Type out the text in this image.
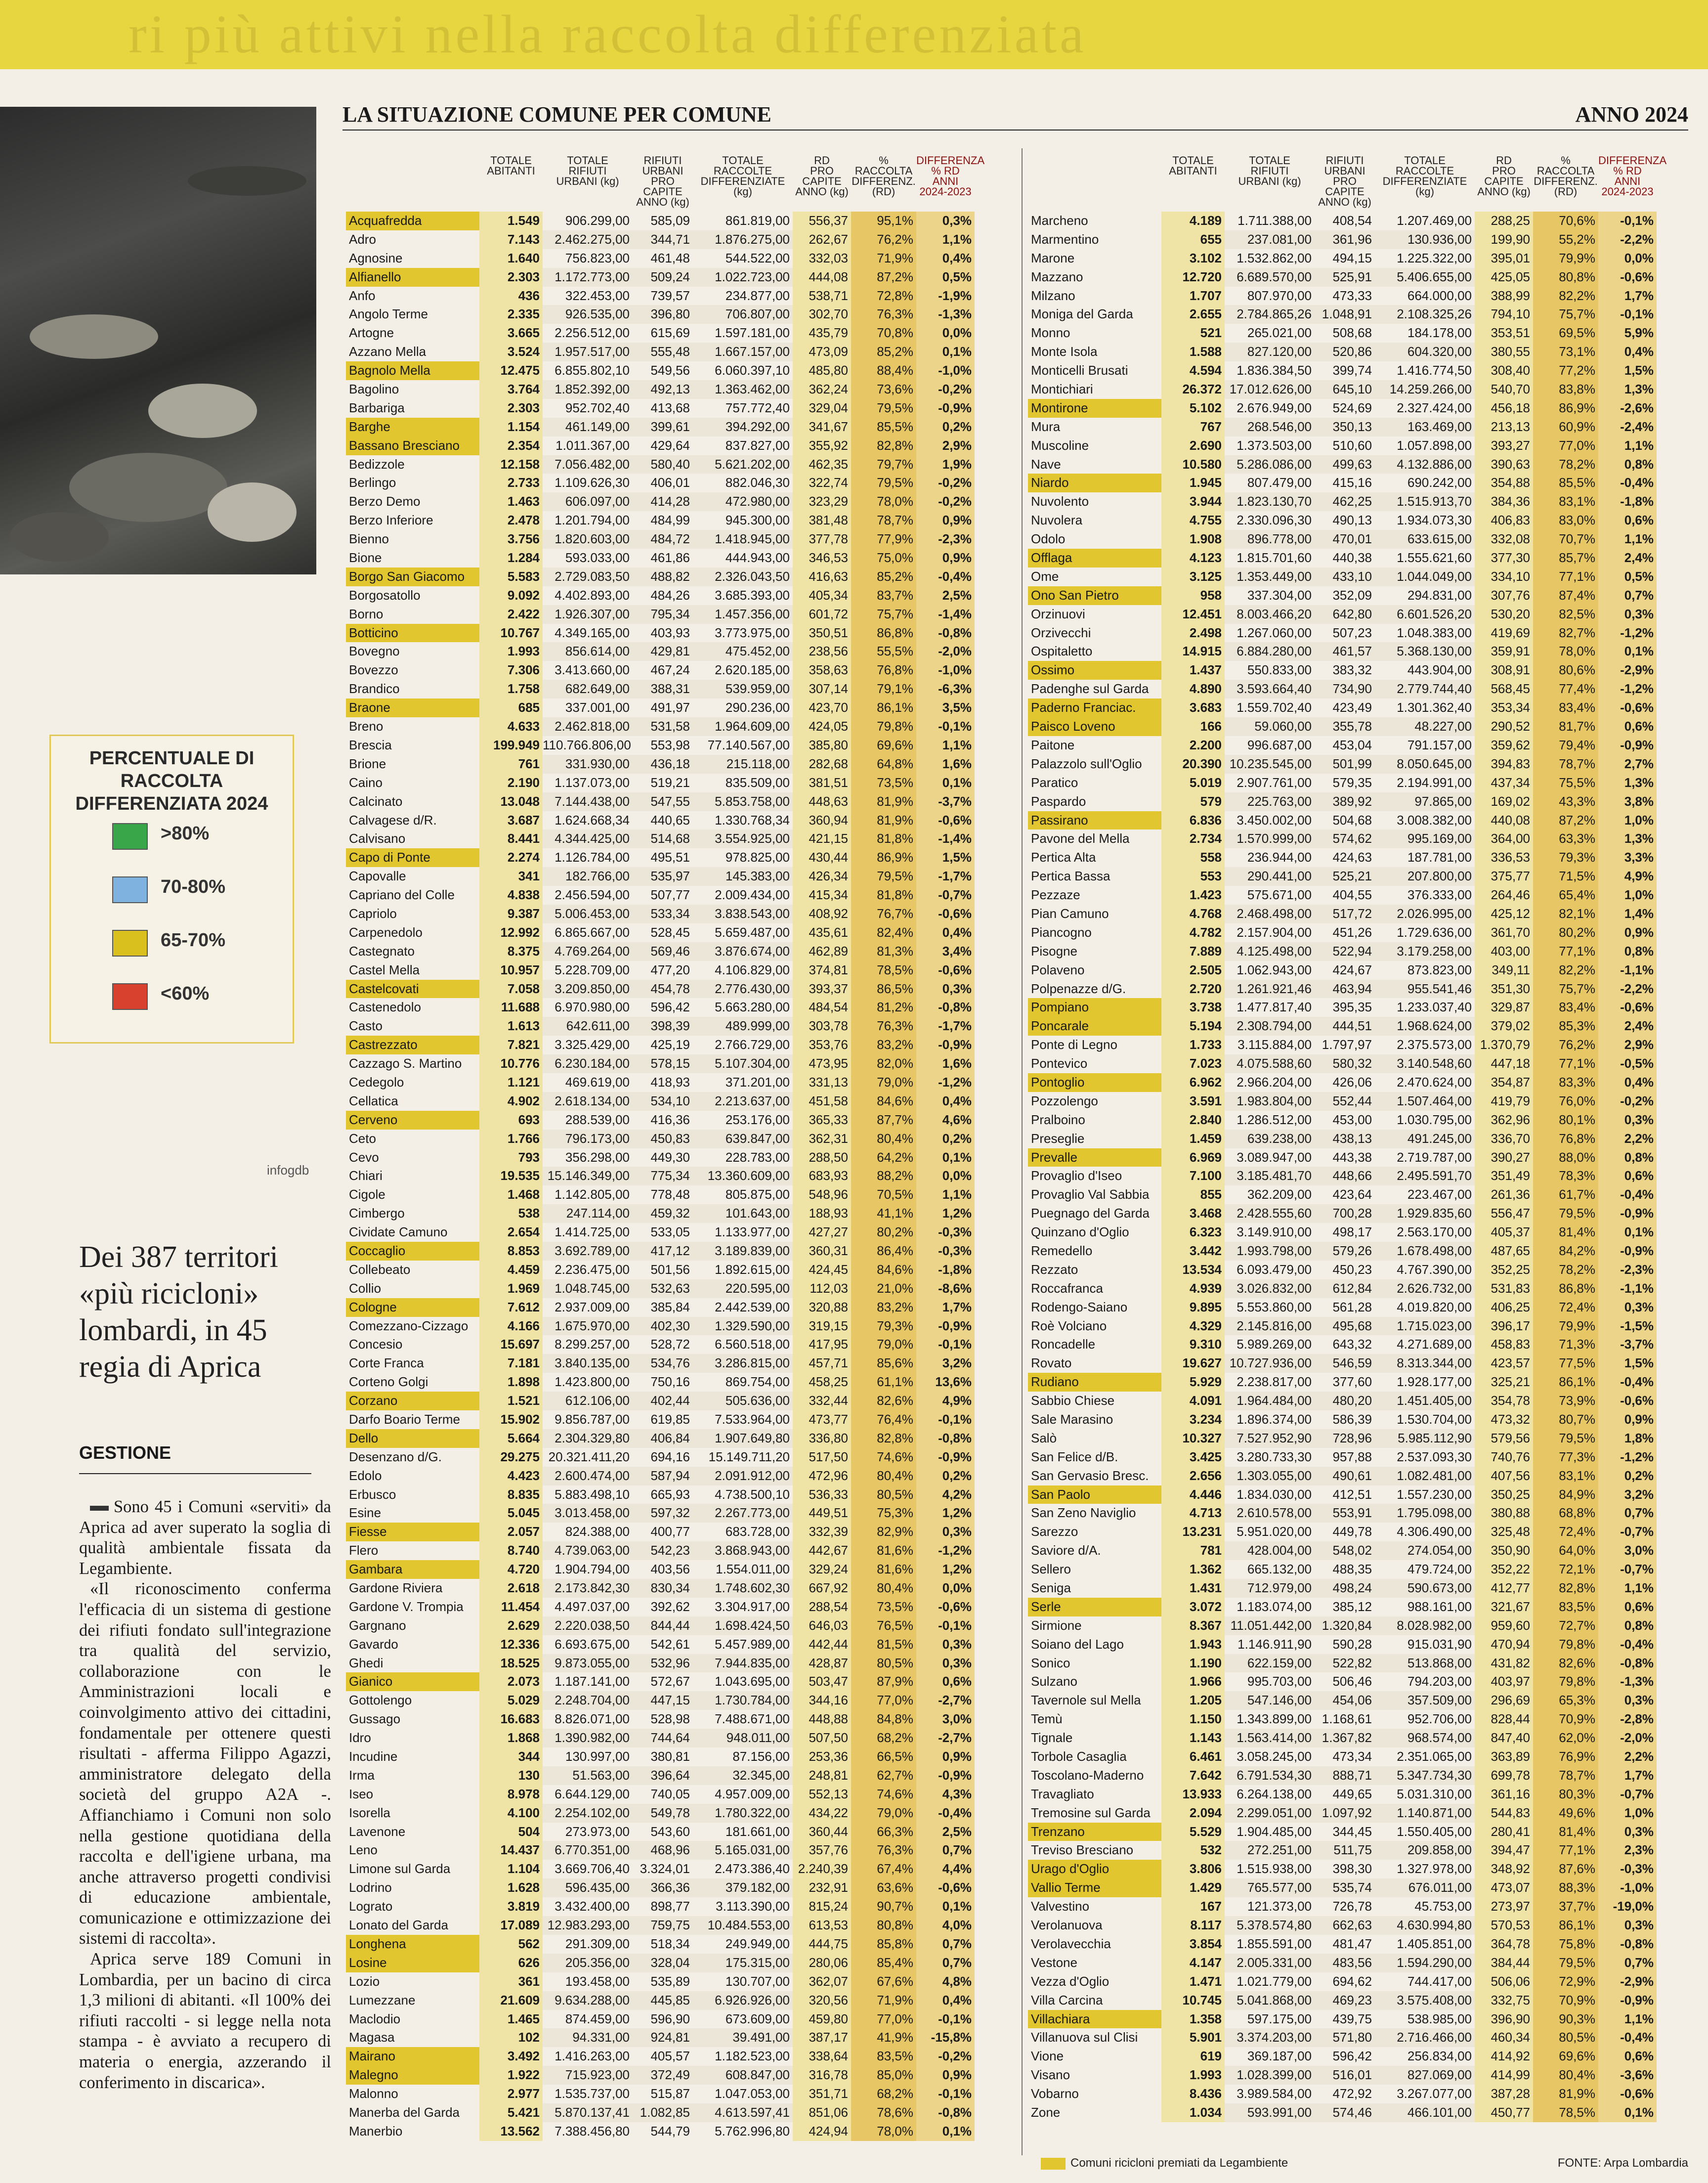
ri più attivi nella raccolta differenziata
PERCENTUALE DI RACCOLTA DIFFERENZIATA 2024
>80%
70-80%
65-70%
<60%
infogdb
Dei 387 territori «più ricicloni» lombardi, in 45 regia di Aprica
GESTIONE

Sono 45 i Comuni «serviti» da Aprica ad aver superato la soglia di qualità ambientale fissata da Legambiente.

«Il riconoscimento conferma l'efficacia di un sistema di gestione dei rifiuti fondato sull'integrazione tra qualità del servizio, collaborazione con le Amministrazioni locali e coinvolgimento attivo dei cittadini, fondamentale per ottenere questi risultati - afferma Filippo Agazzi, amministratore delegato della società del gruppo A2A -. Affianchiamo i Comuni non solo nella gestione quotidiana della raccolta e dell'igiene urbana, ma anche attraverso progetti condivisi di educazione ambientale, comunicazione e ottimizzazione dei sistemi di raccolta».

Aprica serve 189 Comuni in Lombardia, per un bacino di circa 1,3 milioni di abitanti. «Il 100% dei rifiuti raccolti - si legge nella nota stampa - è avviato a recupero di materia o energia, azzerando il conferimento in discarica».

LA SITUAZIONE COMUNE PER COMUNE	ANNO 2024
TOTALE
ABITANTI
TOTALE
RIFIUTI
URBANI (kg)
RIFIUTI
URBANI
PRO CAPITE
ANNO (kg)
TOTALE
RACCOLTE
DIFFERENZIATE (kg)
RD
PRO CAPITE
ANNO (kg)
%
RACCOLTA
DIFFERENZ.
(RD)
DIFFERENZA
% RD
ANNI
2024-2023
Acquafredda	1.549	906.299,00	585,09	861.819,00	556,37	95,1%	0,3%
Adro	7.143	2.462.275,00	344,71	1.876.275,00	262,67	76,2%	1,1%
Agnosine	1.640	756.823,00	461,48	544.522,00	332,03	71,9%	0,4%
Alfianello	2.303	1.172.773,00	509,24	1.022.723,00	444,08	87,2%	0,5%
Anfo	436	322.453,00	739,57	234.877,00	538,71	72,8%	-1,9%
Angolo Terme	2.335	926.535,00	396,80	706.807,00	302,70	76,3%	-1,3%
Artogne	3.665	2.256.512,00	615,69	1.597.181,00	435,79	70,8%	0,0%
Azzano Mella	3.524	1.957.517,00	555,48	1.667.157,00	473,09	85,2%	0,1%
Bagnolo Mella	12.475	6.855.802,10	549,56	6.060.397,10	485,80	88,4%	-1,0%
Bagolino	3.764	1.852.392,00	492,13	1.363.462,00	362,24	73,6%	-0,2%
Barbariga	2.303	952.702,40	413,68	757.772,40	329,04	79,5%	-0,9%
Barghe	1.154	461.149,00	399,61	394.292,00	341,67	85,5%	0,2%
Bassano Bresciano	2.354	1.011.367,00	429,64	837.827,00	355,92	82,8%	2,9%
Bedizzole	12.158	7.056.482,00	580,40	5.621.202,00	462,35	79,7%	1,9%
Berlingo	2.733	1.109.626,30	406,01	882.046,30	322,74	79,5%	-0,2%
Berzo Demo	1.463	606.097,00	414,28	472.980,00	323,29	78,0%	-0,2%
Berzo Inferiore	2.478	1.201.794,00	484,99	945.300,00	381,48	78,7%	0,9%
Bienno	3.756	1.820.603,00	484,72	1.418.945,00	377,78	77,9%	-2,3%
Bione	1.284	593.033,00	461,86	444.943,00	346,53	75,0%	0,9%
Borgo San Giacomo	5.583	2.729.083,50	488,82	2.326.043,50	416,63	85,2%	-0,4%
Borgosatollo	9.092	4.402.893,00	484,26	3.685.393,00	405,34	83,7%	2,5%
Borno	2.422	1.926.307,00	795,34	1.457.356,00	601,72	75,7%	-1,4%
Botticino	10.767	4.349.165,00	403,93	3.773.975,00	350,51	86,8%	-0,8%
Bovegno	1.993	856.614,00	429,81	475.452,00	238,56	55,5%	-2,0%
Bovezzo	7.306	3.413.660,00	467,24	2.620.185,00	358,63	76,8%	-1,0%
Brandico	1.758	682.649,00	388,31	539.959,00	307,14	79,1%	-6,3%
Braone	685	337.001,00	491,97	290.236,00	423,70	86,1%	3,5%
Breno	4.633	2.462.818,00	531,58	1.964.609,00	424,05	79,8%	-0,1%
Brescia	199.949 110.766.806,00	553,98	77.140.567,00	385,80	69,6%	1,1%
Brione	761	331.930,00	436,18	215.118,00	282,68	64,8%	1,6%
Caino	2.190	1.137.073,00	519,21	835.509,00	381,51	73,5%	0,1%
Calcinato	13.048	7.144.438,00	547,55	5.853.758,00	448,63	81,9%	-3,7%
Calvagese d/R.	3.687	1.624.668,34	440,65	1.330.768,34	360,94	81,9%	-0,6%
Calvisano	8.441	4.344.425,00	514,68	3.554.925,00	421,15	81,8%	-1,4%
Capo di Ponte	2.274	1.126.784,00	495,51	978.825,00	430,44	86,9%	1,5%
Capovalle	341	182.766,00	535,97	145.383,00	426,34	79,5%	-1,7%
Capriano del Colle	4.838	2.456.594,00	507,77	2.009.434,00	415,34	81,8%	-0,7%
Capriolo	9.387	5.006.453,00	533,34	3.838.543,00	408,92	76,7%	-0,6%
Carpenedolo	12.992	6.865.667,00	528,45	5.659.487,00	435,61	82,4%	0,4%
Castegnato	8.375	4.769.264,00	569,46	3.876.674,00	462,89	81,3%	3,4%
Castel Mella	10.957	5.228.709,00	477,20	4.106.829,00	374,81	78,5%	-0,6%
Castelcovati	7.058	3.209.850,00	454,78	2.776.430,00	393,37	86,5%	0,3%
Castenedolo	11.688	6.970.980,00	596,42	5.663.280,00	484,54	81,2%	-0,8%
Casto	1.613	642.611,00	398,39	489.999,00	303,78	76,3%	-1,7%
Castrezzato	7.821	3.325.429,00	425,19	2.766.729,00	353,76	83,2%	-0,9%
Cazzago S. Martino	10.776	6.230.184,00	578,15	5.107.304,00	473,95	82,0%	1,6%
Cedegolo	1.121	469.619,00	418,93	371.201,00	331,13	79,0%	-1,2%
Cellatica	4.902	2.618.134,00	534,10	2.213.637,00	451,58	84,6%	0,4%
Cerveno	693	288.539,00	416,36	253.176,00	365,33	87,7%	4,6%
Ceto	1.766	796.173,00	450,83	639.847,00	362,31	80,4%	0,2%
Cevo	793	356.298,00	449,30	228.783,00	288,50	64,2%	0,1%
Chiari	19.535 15.146.349,00	775,34	13.360.609,00	683,93	88,2%	0,0%
Cigole	1.468	1.142.805,00	778,48	805.875,00	548,96	70,5%	1,1%
Cimbergo	538	247.114,00	459,32	101.643,00	188,93	41,1%	1,2%
Cividate Camuno	2.654	1.414.725,00	533,05	1.133.977,00	427,27	80,2%	-0,3%
Coccaglio	8.853	3.692.789,00	417,12	3.189.839,00	360,31	86,4%	-0,3%
Collebeato	4.459	2.236.475,00	501,56	1.892.615,00	424,45	84,6%	-1,8%
Collio	1.969	1.048.745,00	532,63	220.595,00	112,03	21,0%	-8,6%
Cologne	7.612	2.937.009,00	385,84	2.442.539,00	320,88	83,2%	1,7%
Comezzano-Cizzago	4.166	1.675.970,00	402,30	1.329.590,00	319,15	79,3%	-0,9%
Concesio	15.697	8.299.257,00	528,72	6.560.518,00	417,95	79,0%	-0,1%
Corte Franca	7.181	3.840.135,00	534,76	3.286.815,00	457,71	85,6%	3,2%
Corteno Golgi	1.898	1.423.800,00	750,16	869.754,00	458,25	61,1%	13,6%
Corzano	1.521	612.106,00	402,44	505.636,00	332,44	82,6%	4,9%
Darfo Boario Terme	15.902	9.856.787,00	619,85	7.533.964,00	473,77	76,4%	-0,1%
Dello	5.664	2.304.329,80	406,84	1.907.649,80	336,80	82,8%	-0,8%
Desenzano d/G.	29.275 20.321.411,20	694,16	15.149.711,20	517,50	74,6%	-0,9%
Edolo	4.423	2.600.474,00	587,94	2.091.912,00	472,96	80,4%	0,2%
Erbusco	8.835	5.883.498,10	665,93	4.738.500,10	536,33	80,5%	4,2%
Esine	5.045	3.013.458,00	597,32	2.267.773,00	449,51	75,3%	1,2%
Fiesse	2.057	824.388,00	400,77	683.728,00	332,39	82,9%	0,3%
Flero	8.740	4.739.063,00	542,23	3.868.943,00	442,67	81,6%	-1,2%
Gambara	4.720	1.904.794,00	403,56	1.554.011,00	329,24	81,6%	1,2%
Gardone Riviera	2.618	2.173.842,30	830,34	1.748.602,30	667,92	80,4%	0,0%
Gardone V. Trompia	11.454	4.497.037,00	392,62	3.304.917,00	288,54	73,5%	-0,6%
Gargnano	2.629	2.220.038,50	844,44	1.698.424,50	646,03	76,5%	-0,1%
Gavardo	12.336	6.693.675,00	542,61	5.457.989,00	442,44	81,5%	0,3%
Ghedi	18.525	9.873.055,00	532,96	7.944.835,00	428,87	80,5%	0,3%
Gianico	2.073	1.187.141,00	572,67	1.043.695,00	503,47	87,9%	0,6%
Gottolengo	5.029	2.248.704,00	447,15	1.730.784,00	344,16	77,0%	-2,7%
Gussago	16.683	8.826.071,00	528,98	7.488.671,00	448,88	84,8%	3,0%
Idro	1.868	1.390.982,00	744,64	948.011,00	507,50	68,2%	-2,7%
Incudine	344	130.997,00	380,81	87.156,00	253,36	66,5%	0,9%
Irma	130	51.563,00	396,64	32.345,00	248,81	62,7%	-0,9%
Iseo	8.978	6.644.129,00	740,05	4.957.009,00	552,13	74,6%	4,3%
Isorella	4.100	2.254.102,00	549,78	1.780.322,00	434,22	79,0%	-0,4%
Lavenone	504	273.973,00	543,60	181.661,00	360,44	66,3%	2,5%
Leno	14.437	6.770.351,00	468,96	5.165.031,00	357,76	76,3%	0,7%
Limone sul Garda	1.104	3.669.706,40 3.324,01	2.473.386,40 2.240,39	67,4%	4,4%
Lodrino	1.628	596.435,00	366,36	379.182,00	232,91	63,6%	-0,6%
Lograto	3.819	3.432.400,00	898,77	3.113.390,00	815,24	90,7%	0,1%
Lonato del Garda	17.089 12.983.293,00	759,75	10.484.553,00	613,53	80,8%	4,0%
Longhena	562	291.309,00	518,34	249.949,00	444,75	85,8%	0,7%
Losine	626	205.356,00	328,04	175.315,00	280,06	85,4%	0,7%
Lozio	361	193.458,00	535,89	130.707,00	362,07	67,6%	4,8%
Lumezzane	21.609	9.634.288,00	445,85	6.926.926,00	320,56	71,9%	0,4%
Maclodio	1.465	874.459,00	596,90	673.609,00	459,80	77,0%	-0,1%
Magasa	102	94.331,00	924,81	39.491,00	387,17	41,9%	-15,8%
Mairano	3.492	1.416.263,00	405,57	1.182.523,00	338,64	83,5%	-0,2%
Malegno	1.922	715.923,00	372,49	608.847,00	316,78	85,0%	0,9%
Malonno	2.977	1.535.737,00	515,87	1.047.053,00	351,71	68,2%	-0,1%
Manerba del Garda	5.421	5.870.137,41 1.082,85	4.613.597,41	851,06	78,6%	-0,8%
Manerbio	13.562	7.388.456,80	544,79	5.762.996,80	424,94	78,0%	0,1%
TOTALE
ABITANTI
TOTALE
RIFIUTI
URBANI (kg)
RIFIUTI
URBANI
PRO CAPITE
ANNO (kg)
TOTALE
RACCOLTE
DIFFERENZIATE (kg)
RD
PRO CAPITE
ANNO (kg)
%
RACCOLTA
DIFFERENZ.
(RD)
DIFFERENZA
% RD
ANNI
2024-2023
Marcheno	4.189	1.711.388,00	408,54	1.207.469,00	288,25	70,6%	-0,1%
Marmentino	655	237.081,00	361,96	130.936,00	199,90	55,2%	-2,2%
Marone	3.102	1.532.862,00	494,15	1.225.322,00	395,01	79,9%	0,0%
Mazzano	12.720	6.689.570,00	525,91	5.406.655,00	425,05	80,8%	-0,6%
Milzano	1.707	807.970,00	473,33	664.000,00	388,99	82,2%	1,7%
Moniga del Garda	2.655	2.784.865,26 1.048,91	2.108.325,26	794,10	75,7%	-0,1%
Monno	521	265.021,00	508,68	184.178,00	353,51	69,5%	5,9%
Monte Isola	1.588	827.120,00	520,86	604.320,00	380,55	73,1%	0,4%
Monticelli Brusati	4.594	1.836.384,50	399,74	1.416.774,50	308,40	77,2%	1,5%
Montichiari	26.372 17.012.626,00	645,10	14.259.266,00	540,70	83,8%	1,3%
Montirone	5.102	2.676.949,00	524,69	2.327.424,00	456,18	86,9%	-2,6%
Mura	767	268.546,00	350,13	163.469,00	213,13	60,9%	-2,4%
Muscoline	2.690	1.373.503,00	510,60	1.057.898,00	393,27	77,0%	1,1%
Nave	10.580	5.286.086,00	499,63	4.132.886,00	390,63	78,2%	0,8%
Niardo	1.945	807.479,00	415,16	690.242,00	354,88	85,5%	-0,4%
Nuvolento	3.944	1.823.130,70	462,25	1.515.913,70	384,36	83,1%	-1,8%
Nuvolera	4.755	2.330.096,30	490,13	1.934.073,30	406,83	83,0%	0,6%
Odolo	1.908	896.778,00	470,01	633.615,00	332,08	70,7%	1,1%
Offlaga	4.123	1.815.701,60	440,38	1.555.621,60	377,30	85,7%	2,4%
Ome	3.125	1.353.449,00	433,10	1.044.049,00	334,10	77,1%	0,5%
Ono San Pietro	958	337.304,00	352,09	294.831,00	307,76	87,4%	0,7%
Orzinuovi	12.451	8.003.466,20	642,80	6.601.526,20	530,20	82,5%	0,3%
Orzivecchi	2.498	1.267.060,00	507,23	1.048.383,00	419,69	82,7%	-1,2%
Ospitaletto	14.915	6.884.280,00	461,57	5.368.130,00	359,91	78,0%	0,1%
Ossimo	1.437	550.833,00	383,32	443.904,00	308,91	80,6%	-2,9%
Padenghe sul Garda	4.890	3.593.664,40	734,90	2.779.744,40	568,45	77,4%	-1,2%
Paderno Franciac.	3.683	1.559.702,40	423,49	1.301.362,40	353,34	83,4%	-0,6%
Paisco Loveno	166	59.060,00	355,78	48.227,00	290,52	81,7%	0,6%
Paitone	2.200	996.687,00	453,04	791.157,00	359,62	79,4%	-0,9%
Palazzolo sull'Oglio	20.390 10.235.545,00	501,99	8.050.645,00	394,83	78,7%	2,7%
Paratico	5.019	2.907.761,00	579,35	2.194.991,00	437,34	75,5%	1,3%
Paspardo	579	225.763,00	389,92	97.865,00	169,02	43,3%	3,8%
Passirano	6.836	3.450.002,00	504,68	3.008.382,00	440,08	87,2%	1,0%
Pavone del Mella	2.734	1.570.999,00	574,62	995.169,00	364,00	63,3%	1,3%
Pertica Alta	558	236.944,00	424,63	187.781,00	336,53	79,3%	3,3%
Pertica Bassa	553	290.441,00	525,21	207.800,00	375,77	71,5%	4,9%
Pezzaze	1.423	575.671,00	404,55	376.333,00	264,46	65,4%	1,0%
Pian Camuno	4.768	2.468.498,00	517,72	2.026.995,00	425,12	82,1%	1,4%
Piancogno	4.782	2.157.904,00	451,26	1.729.636,00	361,70	80,2%	0,9%
Pisogne	7.889	4.125.498,00	522,94	3.179.258,00	403,00	77,1%	0,8%
Polaveno	2.505	1.062.943,00	424,67	873.823,00	349,11	82,2%	-1,1%
Polpenazze d/G.	2.720	1.261.921,46	463,94	955.541,46	351,30	75,7%	-2,2%
Pompiano	3.738	1.477.817,40	395,35	1.233.037,40	329,87	83,4%	-0,6%
Poncarale	5.194	2.308.794,00	444,51	1.968.624,00	379,02	85,3%	2,4%
Ponte di Legno	1.733	3.115.884,00 1.797,97	2.375.573,00 1.370,79	76,2%	2,9%
Pontevico	7.023	4.075.588,60	580,32	3.140.548,60	447,18	77,1%	-0,5%
Pontoglio	6.962	2.966.204,00	426,06	2.470.624,00	354,87	83,3%	0,4%
Pozzolengo	3.591	1.983.804,00	552,44	1.507.464,00	419,79	76,0%	-0,2%
Pralboino	2.840	1.286.512,00	453,00	1.030.795,00	362,96	80,1%	0,3%
Preseglie	1.459	639.238,00	438,13	491.245,00	336,70	76,8%	2,2%
Prevalle	6.969	3.089.947,00	443,38	2.719.787,00	390,27	88,0%	0,8%
Provaglio d'Iseo	7.100	3.185.481,70	448,66	2.495.591,70	351,49	78,3%	0,6%
Provaglio Val Sabbia	855	362.209,00	423,64	223.467,00	261,36	61,7%	-0,4%
Puegnago del Garda	3.468	2.428.555,60	700,28	1.929.835,60	556,47	79,5%	-0,9%
Quinzano d'Oglio	6.323	3.149.910,00	498,17	2.563.170,00	405,37	81,4%	0,1%
Remedello	3.442	1.993.798,00	579,26	1.678.498,00	487,65	84,2%	-0,9%
Rezzato	13.534	6.093.479,00	450,23	4.767.390,00	352,25	78,2%	-2,3%
Roccafranca	4.939	3.026.832,00	612,84	2.626.732,00	531,83	86,8%	-1,1%
Rodengo-Saiano	9.895	5.553.860,00	561,28	4.019.820,00	406,25	72,4%	0,3%
Roè Volciano	4.329	2.145.816,00	495,68	1.715.023,00	396,17	79,9%	-1,5%
Roncadelle	9.310	5.989.269,00	643,32	4.271.689,00	458,83	71,3%	-3,7%
Rovato	19.627 10.727.936,00	546,59	8.313.344,00	423,57	77,5%	1,5%
Rudiano	5.929	2.238.817,00	377,60	1.928.177,00	325,21	86,1%	-0,4%
Sabbio Chiese	4.091	1.964.484,00	480,20	1.451.405,00	354,78	73,9%	-0,6%
Sale Marasino	3.234	1.896.374,00	586,39	1.530.704,00	473,32	80,7%	0,9%
Salò	10.327	7.527.952,90	728,96	5.985.112,90	579,56	79,5%	1,8%
San Felice d/B.	3.425	3.280.733,30	957,88	2.537.093,30	740,76	77,3%	-1,2%
San Gervasio Bresc.	2.656	1.303.055,00	490,61	1.082.481,00	407,56	83,1%	0,2%
San Paolo	4.446	1.834.030,00	412,51	1.557.230,00	350,25	84,9%	3,2%
San Zeno Naviglio	4.713	2.610.578,00	553,91	1.795.098,00	380,88	68,8%	0,7%
Sarezzo	13.231	5.951.020,00	449,78	4.306.490,00	325,48	72,4%	-0,7%
Saviore d/A.	781	428.004,00	548,02	274.054,00	350,90	64,0%	3,0%
Sellero	1.362	665.132,00	488,35	479.724,00	352,22	72,1%	-0,7%
Seniga	1.431	712.979,00	498,24	590.673,00	412,77	82,8%	1,1%
Serle	3.072	1.183.074,00	385,12	988.161,00	321,67	83,5%	0,6%
Sirmione	8.367 11.051.442,00 1.320,84	8.028.982,00	959,60	72,7%	0,8%
Soiano del Lago	1.943	1.146.911,90	590,28	915.031,90	470,94	79,8%	-0,4%
Sonico	1.190	622.159,00	522,82	513.868,00	431,82	82,6%	-0,8%
Sulzano	1.966	995.703,00	506,46	794.203,00	403,97	79,8%	-1,3%
Tavernole sul Mella	1.205	547.146,00	454,06	357.509,00	296,69	65,3%	0,3%
Temù	1.150	1.343.899,00 1.168,61	952.706,00	828,44	70,9%	-2,8%
Tignale	1.143	1.563.414,00 1.367,82	968.574,00	847,40	62,0%	-2,0%
Torbole Casaglia	6.461	3.058.245,00	473,34	2.351.065,00	363,89	76,9%	2,2%
Toscolano-Maderno	7.642	6.791.534,30	888,71	5.347.734,30	699,78	78,7%	1,7%
Travagliato	13.933	6.264.138,00	449,65	5.031.310,00	361,16	80,3%	-0,7%
Tremosine sul Garda	2.094	2.299.051,00 1.097,92	1.140.871,00	544,83	49,6%	1,0%
Trenzano	5.529	1.904.485,00	344,45	1.550.405,00	280,41	81,4%	0,3%
Treviso Bresciano	532	272.251,00	511,75	209.858,00	394,47	77,1%	2,3%
Urago d'Oglio	3.806	1.515.938,00	398,30	1.327.978,00	348,92	87,6%	-0,3%
Vallio Terme	1.429	765.577,00	535,74	676.011,00	473,07	88,3%	-1,0%
Valvestino	167	121.373,00	726,78	45.753,00	273,97	37,7%	-19,0%
Verolanuova	8.117	5.378.574,80	662,63	4.630.994,80	570,53	86,1%	0,3%
Verolavecchia	3.854	1.855.591,00	481,47	1.405.851,00	364,78	75,8%	-0,8%
Vestone	4.147	2.005.331,00	483,56	1.594.290,00	384,44	79,5%	0,7%
Vezza d'Oglio	1.471	1.021.779,00	694,62	744.417,00	506,06	72,9%	-2,9%
Villa Carcina	10.745	5.041.868,00	469,23	3.575.408,00	332,75	70,9%	-0,9%
Villachiara	1.358	597.175,00	439,75	538.985,00	396,90	90,3%	1,1%
Villanuova sul Clisi	5.901	3.374.203,00	571,80	2.716.466,00	460,34	80,5%	-0,4%
Vione	619	369.187,00	596,42	256.834,00	414,92	69,6%	0,6%
Visano	1.993	1.028.399,00	516,01	827.069,00	414,99	80,4%	-3,6%
Vobarno	8.436	3.989.584,00	472,92	3.267.077,00	387,28	81,9%	-0,6%
Zone	1.034	593.991,00	574,46	466.101,00	450,77	78,5%	0,1%
Comuni ricicloni premiati da Legambiente	FONTE: Arpa Lombardia
